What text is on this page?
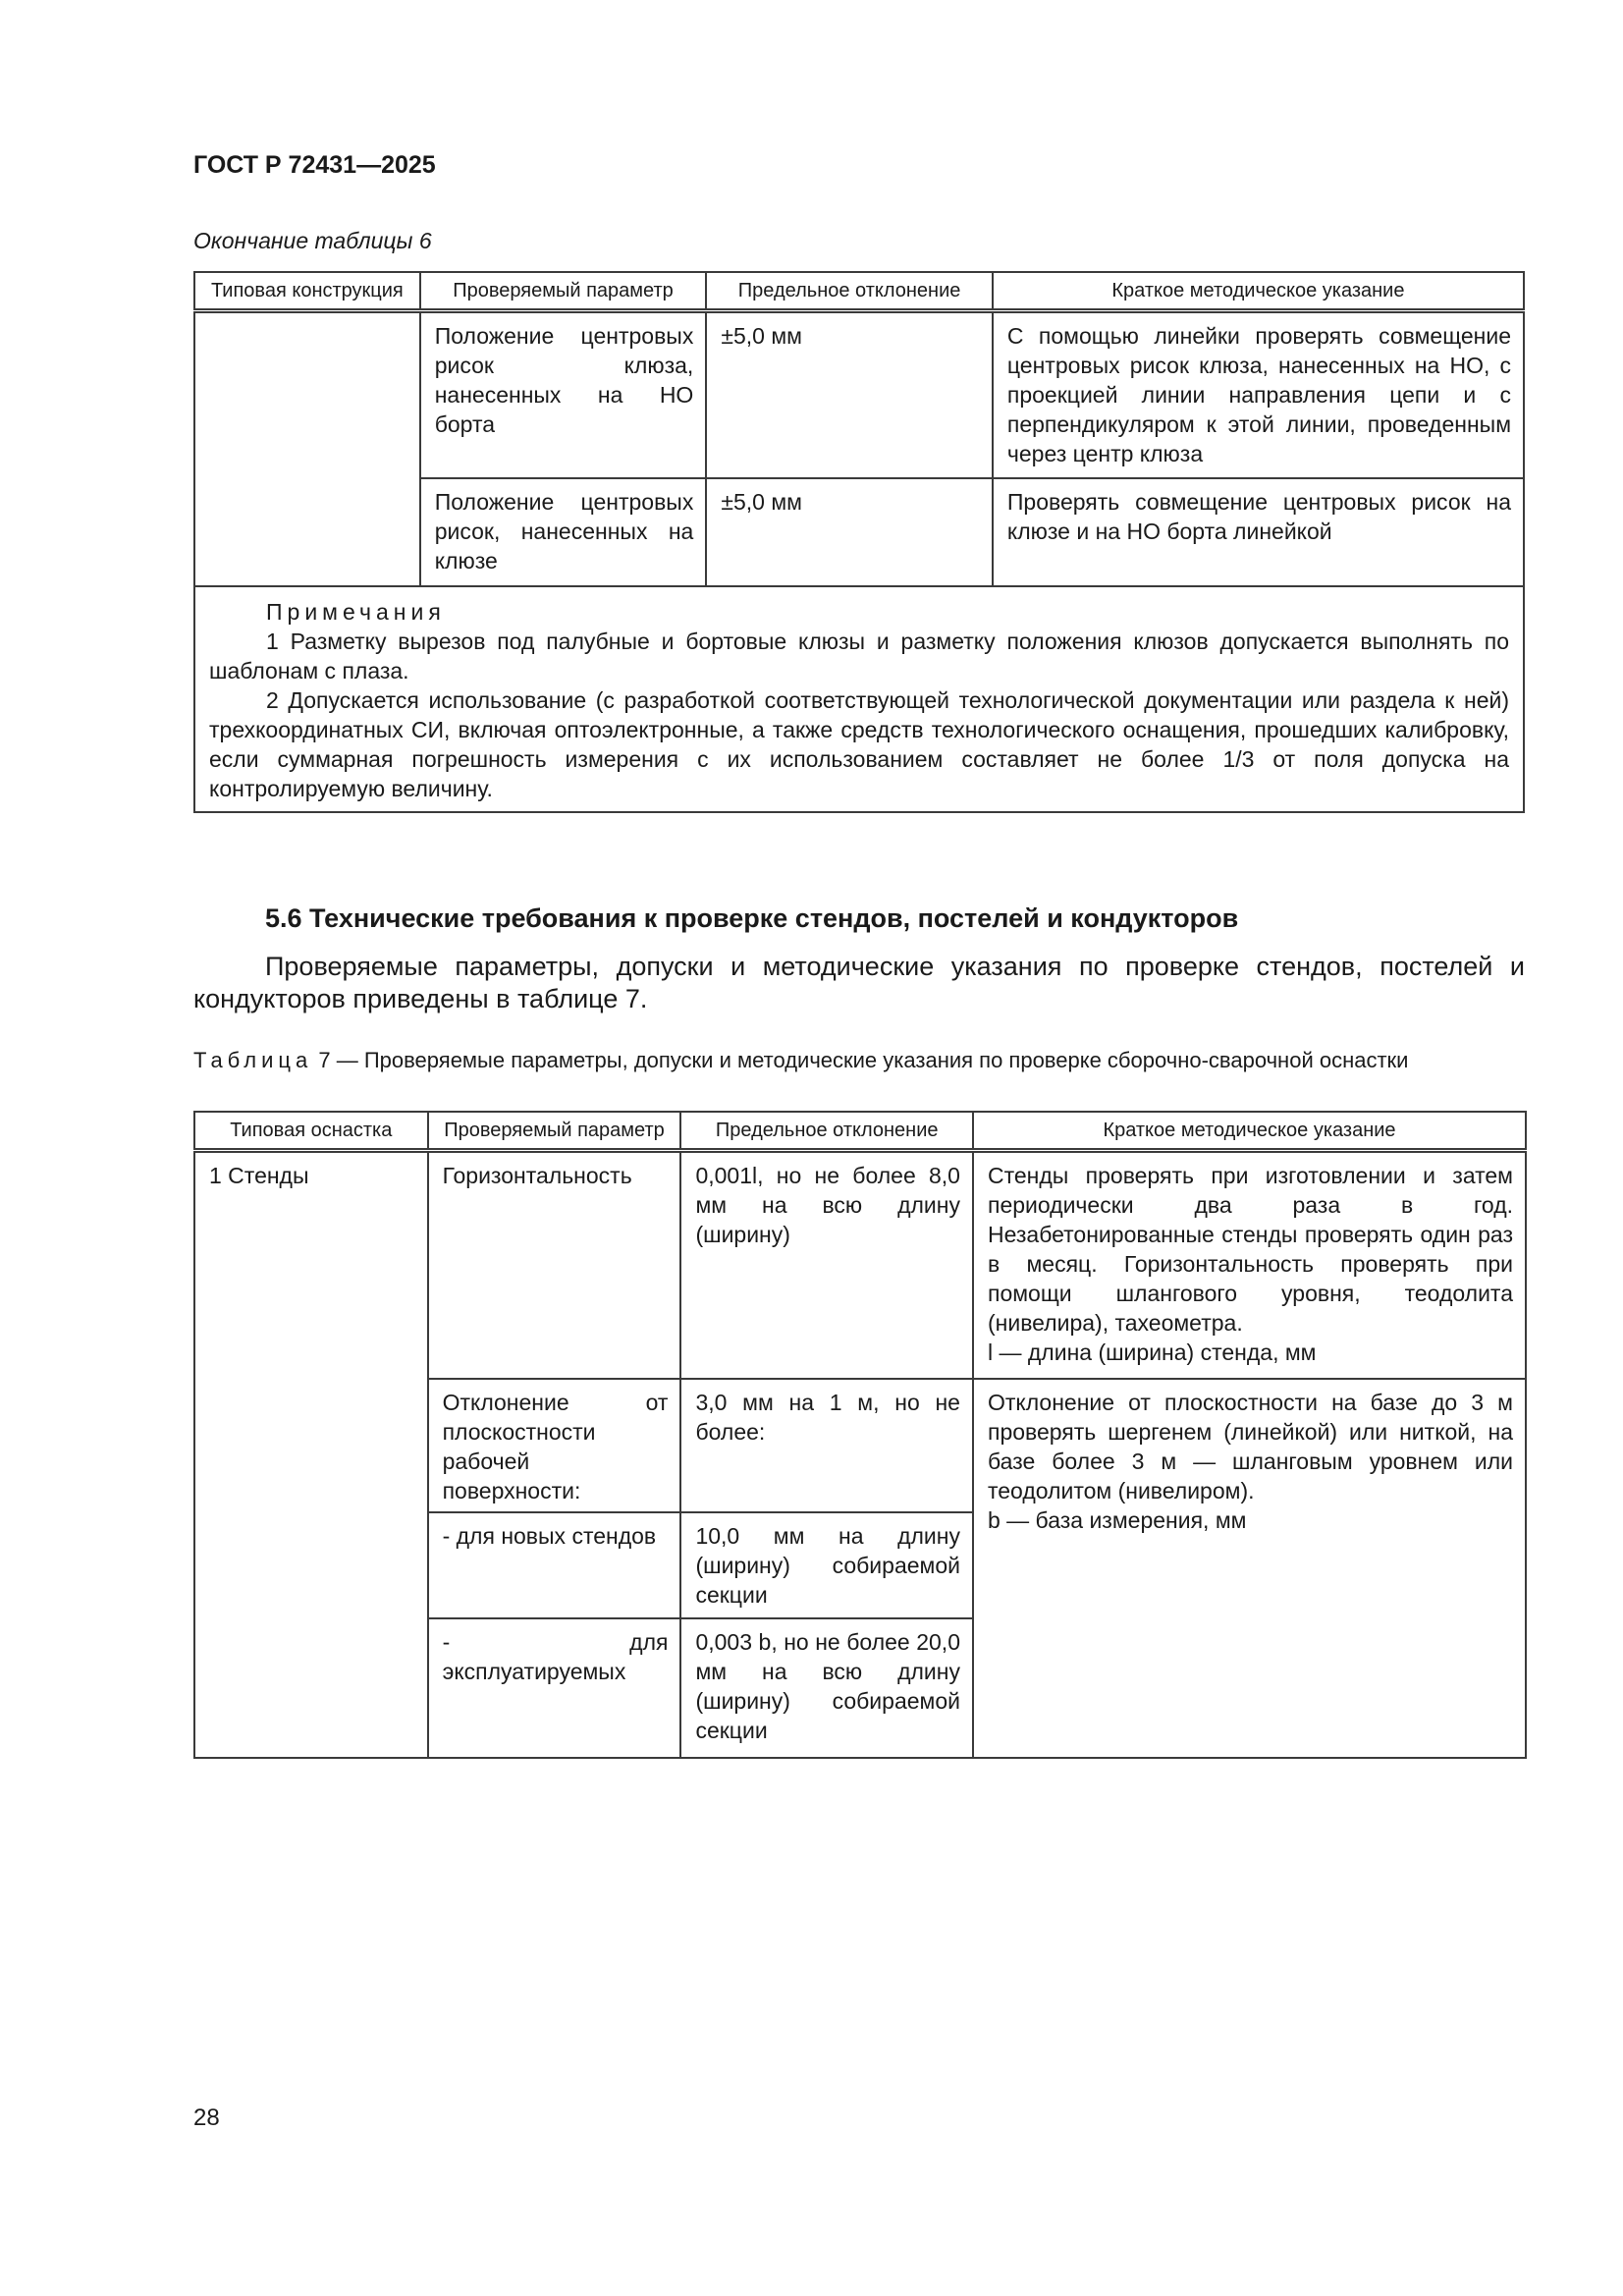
ГОСТ Р 72431—2025
Окончание таблицы 6
Типовая конструкция	Проверяемый параметр	Предельное отклонение	Краткое методическое указание
	Положение центровых рисок клюза, нанесенных на НО борта	±5,0 мм	С помощью линейки проверять совмещение центровых рисок клюза, нанесенных на НО, с проекцией линии направления цепи и с перпендикуляром к этой линии, проведенным через центр клюза
	Положение центровых рисок, нанесенных на клюзе	±5,0 мм	Проверять совмещение центровых рисок на клюзе и на НО борта линейкой

Примечания
1 Разметку вырезов под палубные и бортовые клюзы и разметку положения клюзов допускается выполнять по шаблонам с плаза.
2 Допускается использование (с разработкой соответствующей технологической документации или раздела к ней) трехкоординатных СИ, включая оптоэлектронные, а также средств технологического оснащения, прошедших калибровку, если суммарная погрешность измерения с их использованием составляет не более 1/3 от поля допуска на контролируемую величину.			
5.6 Технические требования к проверке стендов, постелей и кондукторов
Проверяемые параметры, допуски и методические указания по проверке стендов, постелей и кондукторов приведены в таблице 7.
Таблица 7 — Проверяемые параметры, допуски и методические указания по проверке сборочно-сварочной оснастки
Типовая оснастка	Проверяемый параметр	Предельное отклонение	Краткое методическое указание
1 Стенды	Горизонтальность	0,001l, но не более 8,0 мм на всю длину (ширину)	Стенды проверять при изготовлении и затем периодически два раза в год. Незабетонированные стенды проверять один раз в месяц. Горизонтальность проверять при помощи шлангового уровня, теодолита (нивелира), тахеометра.
l — длина (ширина) стенда, мм

	Отклонение от плоскостности рабочей поверхности:	3,0 мм на 1 м, но не более:	Отклонение от плоскостности на базе до 3 м проверять шергенем (линейкой) или ниткой, на базе более 3 м — шланговым уровнем или теодолитом (нивелиром).
b — база измерения, мм

	- для новых стендов	10,0 мм на длину (ширину) собираемой секции	
	- для эксплуатируемых	0,003 b, но не более 20,0 мм на всю длину (ширину) собираемой секции	
28
